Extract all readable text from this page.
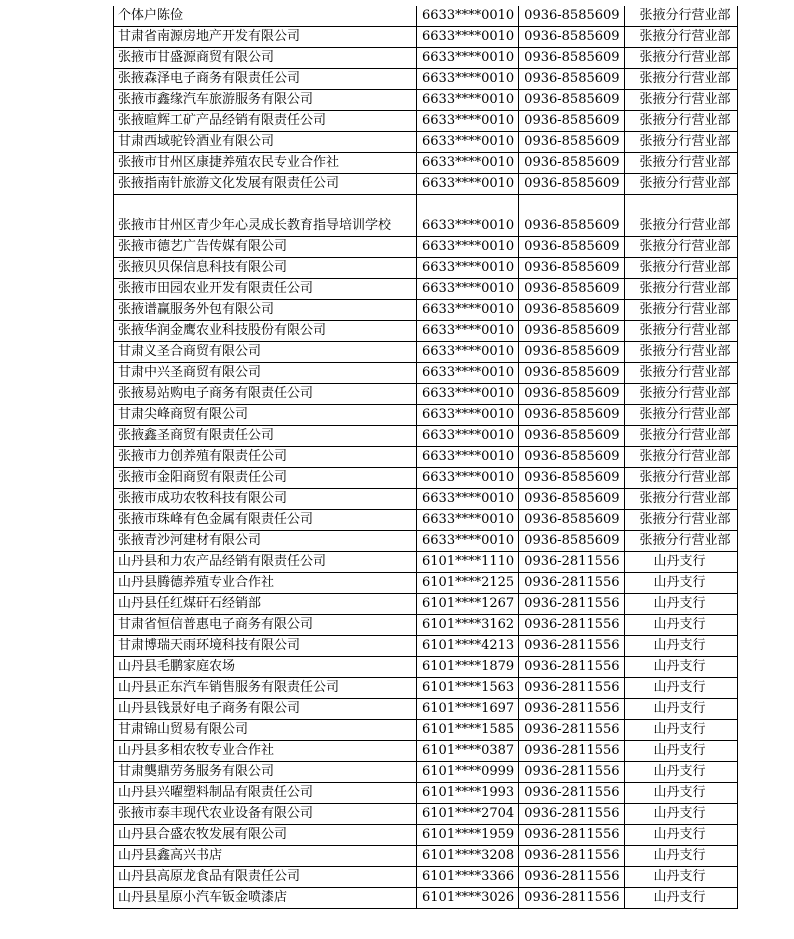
个体户陈俭	6633****0010	0936-8585609	张掖分行营业部
甘肃省南源房地产开发有限公司	6633****0010	0936-8585609	张掖分行营业部
张掖市甘盛源商贸有限公司	6633****0010	0936-8585609	张掖分行营业部
张掖森泽电子商务有限责任公司	6633****0010	0936-8585609	张掖分行营业部
张掖市鑫缘汽车旅游服务有限公司	6633****0010	0936-8585609	张掖分行营业部
张掖暄辉工矿产品经销有限责任公司	6633****0010	0936-8585609	张掖分行营业部
甘肃西域驼铃酒业有限公司	6633****0010	0936-8585609	张掖分行营业部
张掖市甘州区康捷养殖农民专业合作社	6633****0010	0936-8585609	张掖分行营业部
张掖指南针旅游文化发展有限责任公司	6633****0010	0936-8585609	张掖分行营业部
张掖市甘州区青少年心灵成长教育指导培训学校	6633****0010	0936-8585609	张掖分行营业部
张掖市德艺广告传媒有限公司	6633****0010	0936-8585609	张掖分行营业部
张掖贝贝保信息科技有限公司	6633****0010	0936-8585609	张掖分行营业部
张掖市田园农业开发有限责任公司	6633****0010	0936-8585609	张掖分行营业部
张掖谱赢服务外包有限公司	6633****0010	0936-8585609	张掖分行营业部
张掖华润金鹰农业科技股份有限公司	6633****0010	0936-8585609	张掖分行营业部
甘肃义圣合商贸有限公司	6633****0010	0936-8585609	张掖分行营业部
甘肃中兴圣商贸有限公司	6633****0010	0936-8585609	张掖分行营业部
张掖易站购电子商务有限责任公司	6633****0010	0936-8585609	张掖分行营业部
甘肃尖峰商贸有限公司	6633****0010	0936-8585609	张掖分行营业部
张掖鑫圣商贸有限责任公司	6633****0010	0936-8585609	张掖分行营业部
张掖市力创养殖有限责任公司	6633****0010	0936-8585609	张掖分行营业部
张掖市金阳商贸有限责任公司	6633****0010	0936-8585609	张掖分行营业部
张掖市成功农牧科技有限公司	6633****0010	0936-8585609	张掖分行营业部
张掖市珠峰有色金属有限责任公司	6633****0010	0936-8585609	张掖分行营业部
张掖青沙河建材有限公司	6633****0010	0936-8585609	张掖分行营业部
山丹县和力农产品经销有限责任公司	6101****1110	0936-2811556	山丹支行
山丹县腾德养殖专业合作社	6101****2125	0936-2811556	山丹支行
山丹县任红煤矸石经销部	6101****1267	0936-2811556	山丹支行
甘肃省恒信普惠电子商务有限公司	6101****3162	0936-2811556	山丹支行
甘肃博瑞天雨环境科技有限公司	6101****4213	0936-2811556	山丹支行
山丹县毛鹏家庭农场	6101****1879	0936-2811556	山丹支行
山丹县正东汽车销售服务有限责任公司	6101****1563	0936-2811556	山丹支行
山丹县钱景好电子商务有限公司	6101****1697	0936-2811556	山丹支行
甘肃锦山贸易有限公司	6101****1585	0936-2811556	山丹支行
山丹县多相农牧专业合作社	6101****0387	0936-2811556	山丹支行
甘肃龑鼎劳务服务有限公司	6101****0999	0936-2811556	山丹支行
山丹县兴曜塑料制品有限责任公司	6101****1993	0936-2811556	山丹支行
张掖市泰丰现代农业设备有限公司	6101****2704	0936-2811556	山丹支行
山丹县合盛农牧发展有限公司	6101****1959	0936-2811556	山丹支行
山丹县鑫高兴书店	6101****3208	0936-2811556	山丹支行
山丹县高原龙食品有限责任公司	6101****3366	0936-2811556	山丹支行
山丹县星原小汽车钣金喷漆店	6101****3026	0936-2811556	山丹支行
